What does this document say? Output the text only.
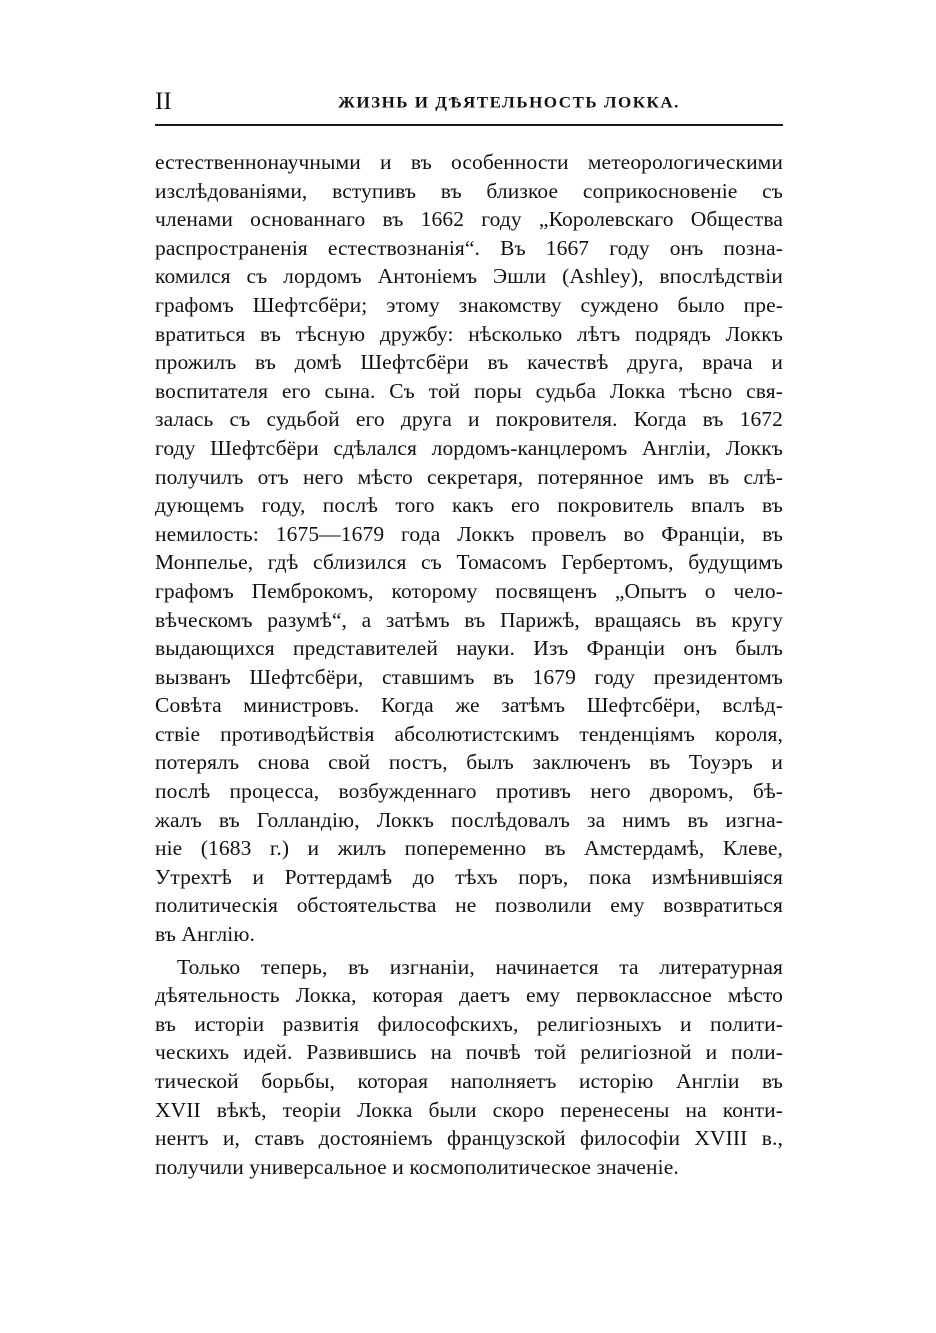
II	ЖИЗНЬ И ДѢЯТЕЛЬНОСТЬ ЛОККА.
естественнонаучными и въ особенности метеорологическими
изслѣдованіями, вступивъ въ близкое соприкосновеніе съ
членами основаннаго въ 1662 году „Королевскаго Общества
распространенія естествознанія“. Въ 1667 году онъ позна-
комился съ лордомъ Антоніемъ Эшли (Ashley), впослѣдствіи
графомъ Шефтсбёри; этому знакомству суждено было пре-
вратиться въ тѣсную дружбу: нѣсколько лѣтъ подрядъ Локкъ
прожилъ въ домѣ Шефтсбёри въ качествѣ друга, врача и
воспитателя его сына. Съ той поры судьба Локка тѣсно свя-
залась съ судьбой его друга и покровителя. Когда въ 1672
году Шефтсбёри сдѣлался лордомъ-канцлеромъ Англіи, Локкъ
получилъ отъ него мѣсто секретаря, потерянное имъ въ слѣ-
дующемъ году, послѣ того какъ его покровитель впалъ въ
немилость: 1675—1679 года Локкъ провелъ во Франціи, въ
Монпелье, гдѣ сблизился съ Томасомъ Гербертомъ, будущимъ
графомъ Пемброкомъ, которому посвященъ „Опытъ о чело-
вѣческомъ разумѣ“, а затѣмъ въ Парижѣ, вращаясь въ кругу
выдающихся представителей науки. Изъ Франціи онъ былъ
вызванъ Шефтсбёри, ставшимъ въ 1679 году президентомъ
Совѣта министровъ. Когда же затѣмъ Шефтсбёри, вслѣд-
ствіе противодѣйствія абсолютистскимъ тенденціямъ короля,
потерялъ снова свой постъ, былъ заключенъ въ Тоуэръ и
послѣ процесса, возбужденнаго противъ него дворомъ, бѣ-
жалъ въ Голландію, Локкъ послѣдовалъ за нимъ въ изгна-
ніе (1683 г.) и жилъ попеременно въ Амстердамѣ, Клеве,
Утрехтѣ и Роттердамѣ до тѣхъ поръ, пока измѣнившіяся
политическія обстоятельства не позволили ему возвратиться
въ Англію.
Только теперь, въ изгнаніи, начинается та литературная
дѣятельность Локка, которая даетъ ему первоклассное мѣсто
въ исторіи развитія философскихъ, религіозныхъ и полити-
ческихъ идей. Развившись на почвѣ той религіозной и поли-
тической борьбы, которая наполняетъ исторію Англіи въ
XVII вѣкѣ, теоріи Локка были скоро перенесены на конти-
нентъ и, ставъ достояніемъ французской философіи XVIII в.,
получили универсальное и космополитическое значеніе.
